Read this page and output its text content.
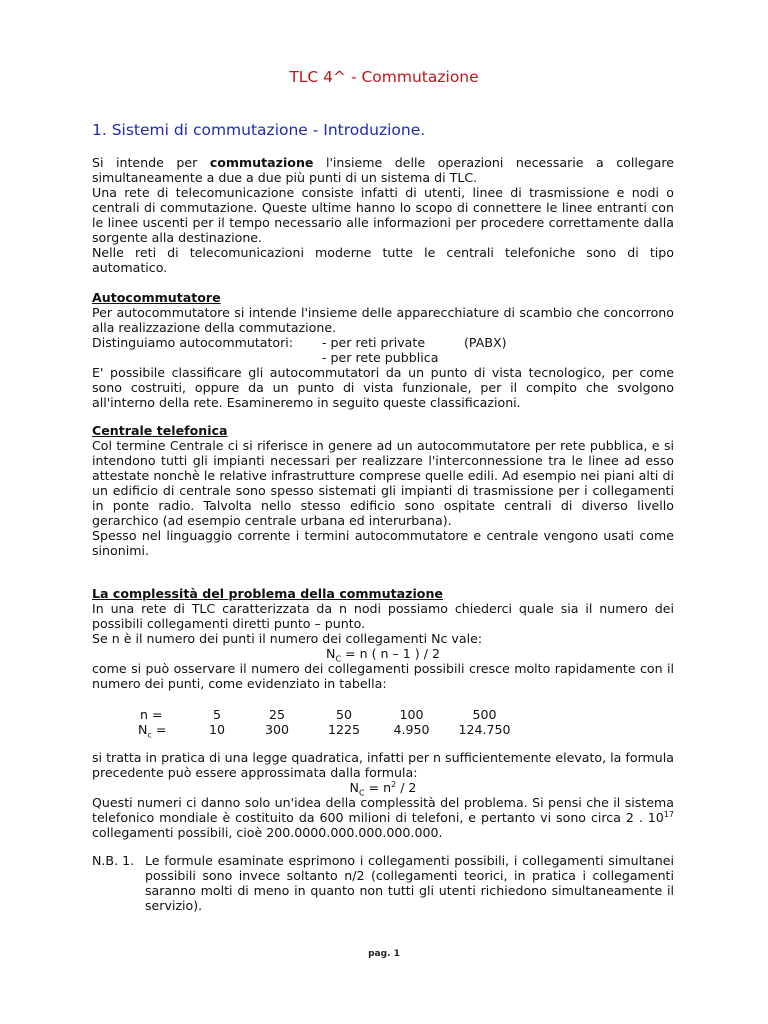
TLC 4^ - Commutazione
1. Sistemi di commutazione - Introduzione.

Si intende per commutazione l'insieme delle operazioni necessarie a collegare simultaneamente a due a due più punti di un sistema di TLC.

Una rete di telecomunicazione consiste infatti di utenti, linee di trasmissione e nodi o centrali di commutazione. Queste ultime hanno lo scopo di connettere le linee entranti con le linee uscenti per il tempo necessario alle informazioni per procedere correttamente dalla sorgente alla destinazione.

Nelle reti di telecomunicazioni moderne tutte le centrali telefoniche sono di tipo automatico.

Autocommutatore

Per autocommutatore si intende l'insieme delle apparecchiature di scambio che concorrono alla realizzazione della commutazione.

Distinguiamo autocommutatori: - per reti private	(PABX)
- per rete pubblica

E' possibile classificare gli autocommutatori da un punto di vista tecnologico, per come sono costruiti, oppure da un punto di vista funzionale, per il compito che svolgono all'interno della rete. Esamineremo in seguito queste classificazioni.

Centrale telefonica

Col termine Centrale ci si riferisce in genere ad un autocommutatore per rete pubblica, e si intendono tutti gli impianti necessari per realizzare l'interconnessione tra le linee ad esso attestate nonchè le relative infrastrutture comprese quelle edili. Ad esempio nei piani alti di un edificio di centrale sono spesso sistemati gli impianti di trasmissione per i collegamenti in ponte radio. Talvolta nello stesso edificio sono ospitate centrali di diverso livello gerarchico (ad esempio centrale urbana ed interurbana).

Spesso nel linguaggio corrente i termini autocommutatore e centrale vengono usati come sinonimi.

La complessità del problema della commutazione

In una rete di TLC caratterizzata da n nodi possiamo chiederci quale sia il numero dei possibili collegamenti diretti punto – punto.

Se n è il numero dei punti il numero dei collegamenti Nc vale:

$N_C = n$ ( n – 1 ) / 2

come si può osservare il numero dei collegamenti possibili cresce molto rapidamente con il numero dei punti, come evidenziato in tabella:

n =	5	25	50	100	500
$N_c$ =	10	300	1225	4.950	124.750

si tratta in pratica di una legge quadratica, infatti per n sufficientemente elevato, la formula precedente può essere approssimata dalla formula:

$N_C = n^2 / 2$

Questi numeri ci danno solo un'idea della complessità del problema. Si pensi che il sistema telefonico mondiale è costituito da 600 milioni di telefoni, e pertanto vi sono circa 2 . $10^{17}$ collegamenti possibili, cioè 200.0000.000.000.000.000.

N.B. 1. Le formule esaminate esprimono i collegamenti possibili, i collegamenti simultanei possibili sono invece soltanto n/2 (collegamenti teorici, in pratica i collegamenti saranno molti di meno in quanto non tutti gli utenti richiedono simultaneamente il servizio).
pag. 1
